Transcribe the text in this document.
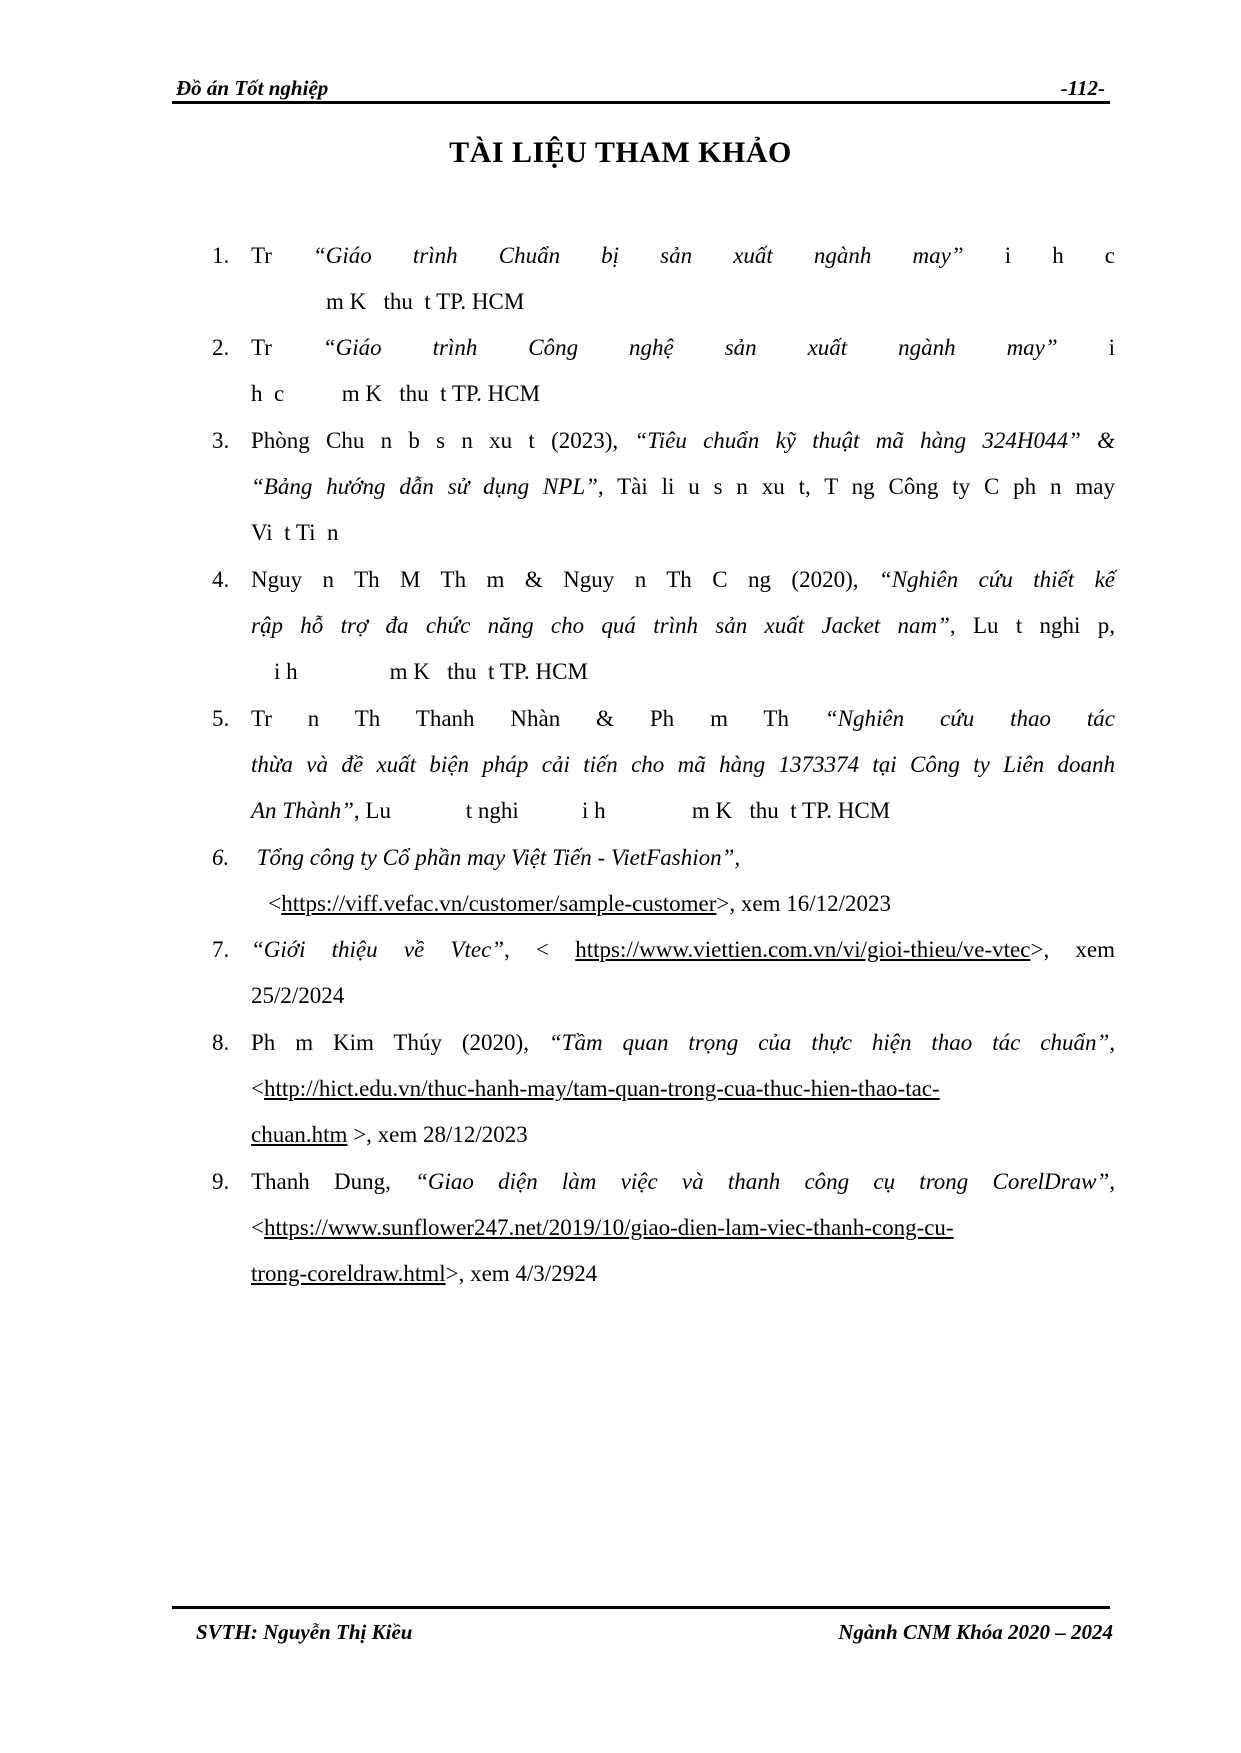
Đồ án Tốt nghiệp	-112-
TÀI LIỆU THAM KHẢO
1. Tr “Giáo trình Chuẩn bị sản xuất ngành may” i h c
m K   thu  t TP. HCM
2. Tr “Giáo trình Công nghệ sản xuất ngành may” i
h  c          m K   thu  t TP. HCM
3. Phòng Chu n b s n xu t (2023), “Tiêu chuẩn kỹ thuật mã hàng 324H044” &
“Bảng hướng dẫn sử dụng NPL”, Tài li u s n xu t, T ng Công ty C ph n may
Vi  t Ti  n
4. Nguy n Th M Th m & Nguy n Th C ng (2020), “Nghiên cứu thiết kế
rập hỗ trợ đa chức năng cho quá trình sản xuất Jacket nam”, Lu t nghi p,
i h                m K   thu  t TP. HCM
5. Tr n Th Thanh Nhàn & Ph m Th “Nghiên cứu thao tác
thừa và đề xuất biện pháp cải tiến cho mã hàng 1373374 tại Công ty Liên doanh
An Thành”, Lu             t nghi           i h               m K   thu  t TP. HCM
6. Tổng công ty Cổ phần may Việt Tiến - VietFashion”,
<https://viff.vefac.vn/customer/sample-customer>, xem 16/12/2023
7. “Giới thiệu về Vtec”, < https://www.viettien.com.vn/vi/gioi-thieu/ve-vtec>, xem
25/2/2024
8. Ph m Kim Thúy (2020), “Tầm quan trọng của thực hiện thao tác chuẩn”,
<http://hict.edu.vn/thuc-hanh-may/tam-quan-trong-cua-thuc-hien-thao-tac-
chuan.htm >, xem 28/12/2023
9. Thanh Dung, “Giao diện làm việc và thanh công cụ trong CorelDraw”,
<https://www.sunflower247.net/2019/10/giao-dien-lam-viec-thanh-cong-cu-
trong-coreldraw.html>, xem 4/3/2924
SVTH: Nguyễn Thị Kiều	Ngành CNM Khóa 2020 – 2024
